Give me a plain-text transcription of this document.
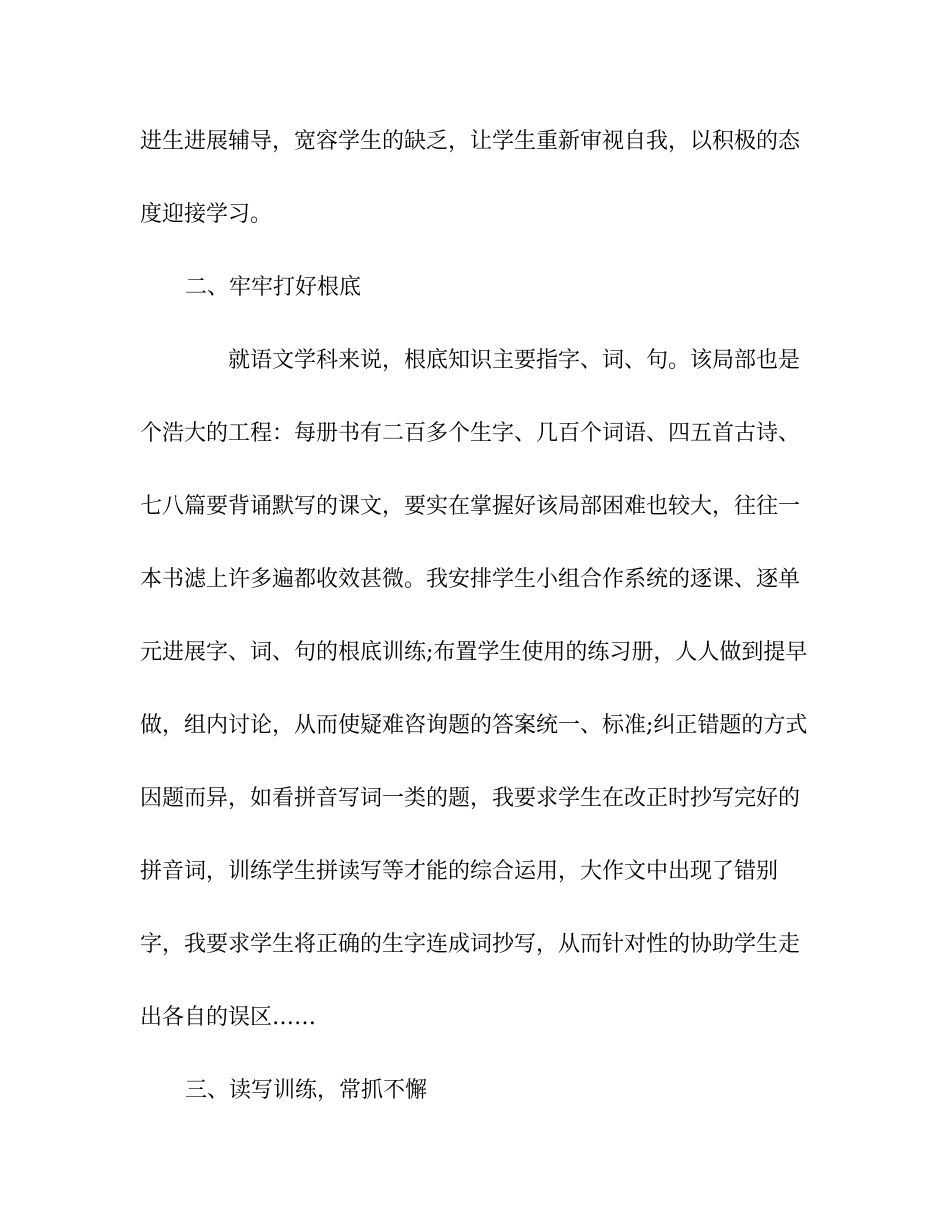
进生进展辅导，宽容学生的缺乏，让学生重新审视自我，以积极的态
度迎接学习。
二、牢牢打好根底
就语文学科来说，根底知识主要指字、词、句。该局部也是
个浩大的工程：每册书有二百多个生字、几百个词语、四五首古诗、
七八篇要背诵默写的课文，要实在掌握好该局部困难也较大，往往一
本书滤上许多遍都收效甚微。我安排学生小组合作系统的逐课、逐单
元进展字、词、句的根底训练;布置学生使用的练习册，人人做到提早
做，组内讨论，从而使疑难咨询题的答案统一、标准;纠正错题的方式
因题而异，如看拼音写词一类的题，我要求学生在改正时抄写完好的
拼音词，训练学生拼读写等才能的综合运用，大作文中出现了错别
字，我要求学生将正确的生字连成词抄写，从而针对性的协助学生走
出各自的误区……
三、读写训练，常抓不懈
